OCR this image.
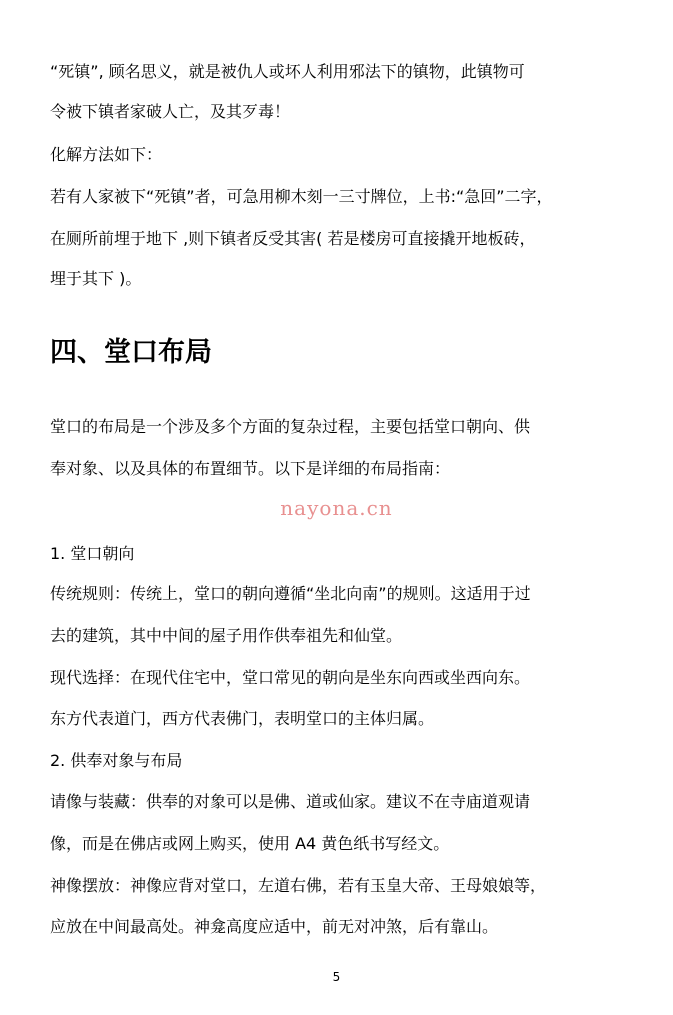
“死镇”, 顾名思义，就是被仇人或坏人利用邪法下的镇物，此镇物可
令被下镇者家破人亡，及其歹毒！
化解方法如下：
若有人家被下“死镇”者，可急用柳木刻一三寸牌位，上书:“急回”二字，
在厕所前埋于地下 ,则下镇者反受其害( 若是楼房可直接撬开地板砖，
埋于其下 )。
四、堂口布局
堂口的布局是一个涉及多个方面的复杂过程，主要包括堂口朝向、供
奉对象、以及具体的布置细节。以下是详细的布局指南：
nayona.cn
1. 堂口朝向
传统规则：传统上，堂口的朝向遵循“坐北向南”的规则。这适用于过
去的建筑，其中中间的屋子用作供奉祖先和仙堂。
现代选择：在现代住宅中，堂口常见的朝向是坐东向西或坐西向东。
东方代表道门，西方代表佛门，表明堂口的主体归属。
2. 供奉对象与布局
请像与装藏：供奉的对象可以是佛、道或仙家。建议不在寺庙道观请
像，而是在佛店或网上购买，使用 A4 黄色纸书写经文。
神像摆放：神像应背对堂口，左道右佛，若有玉皇大帝、王母娘娘等，
应放在中间最高处。神龛高度应适中，前无对冲煞，后有靠山。
5
